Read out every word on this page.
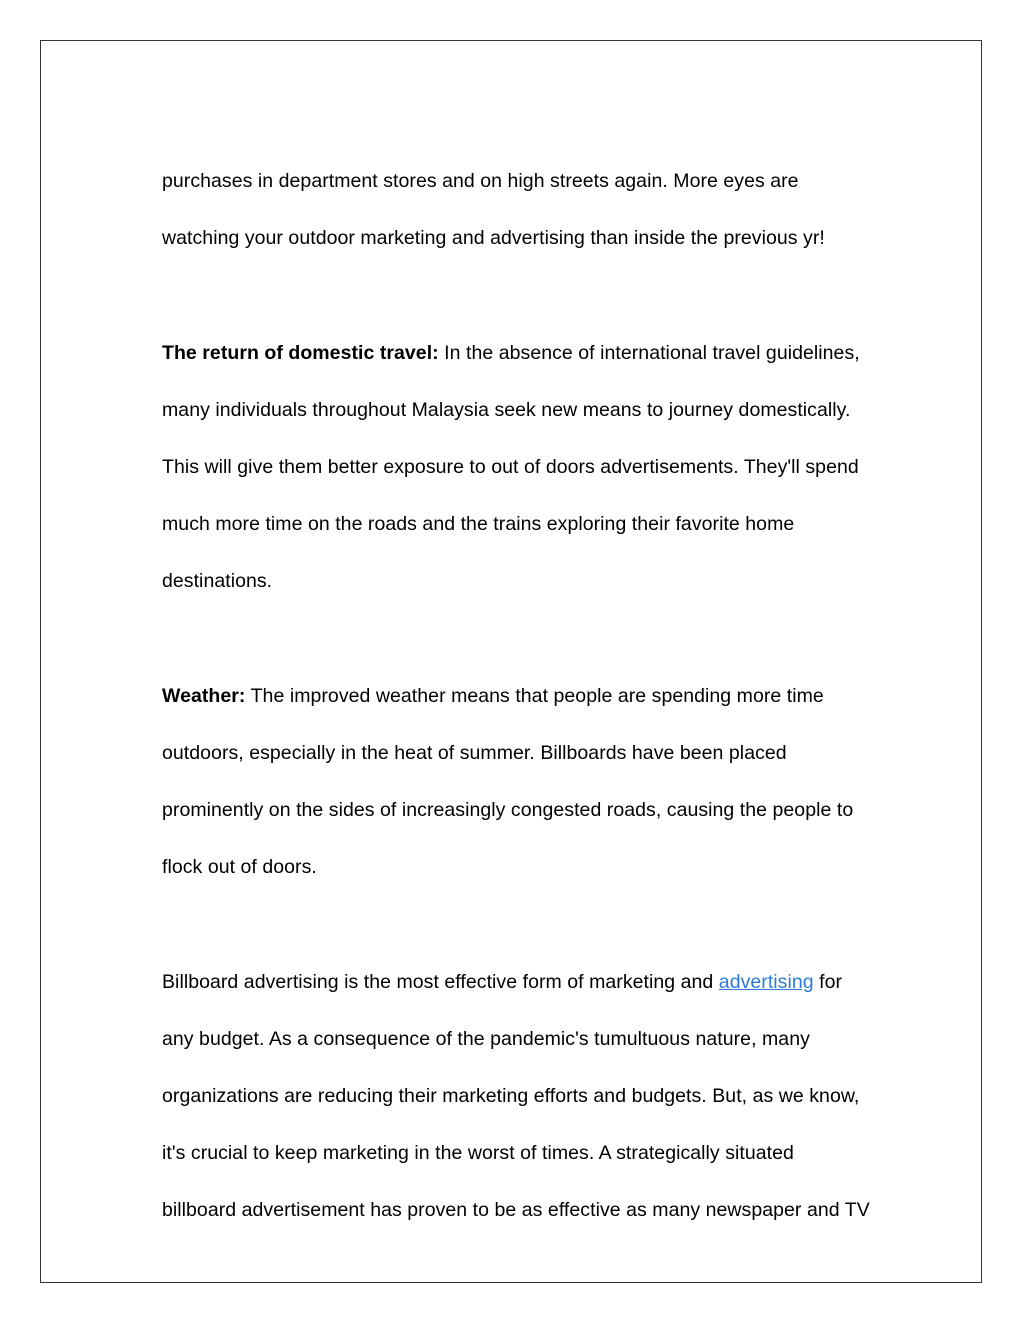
purchases in department stores and on high streets again. More eyes are
watching your outdoor marketing and advertising than inside the previous yr!

The return of domestic travel: In the absence of international travel guidelines,
many individuals throughout Malaysia seek new means to journey domestically.
This will give them better exposure to out of doors advertisements. They'll spend
much more time on the roads and the trains exploring their favorite home
destinations.

Weather: The improved weather means that people are spending more time
outdoors, especially in the heat of summer. Billboards have been placed
prominently on the sides of increasingly congested roads, causing the people to
flock out of doors.

Billboard advertising is the most effective form of marketing and advertising for
any budget. As a consequence of the pandemic's tumultuous nature, many
organizations are reducing their marketing efforts and budgets. But, as we know,
it's crucial to keep marketing in the worst of times. A strategically situated
billboard advertisement has proven to be as effective as many newspaper and TV
